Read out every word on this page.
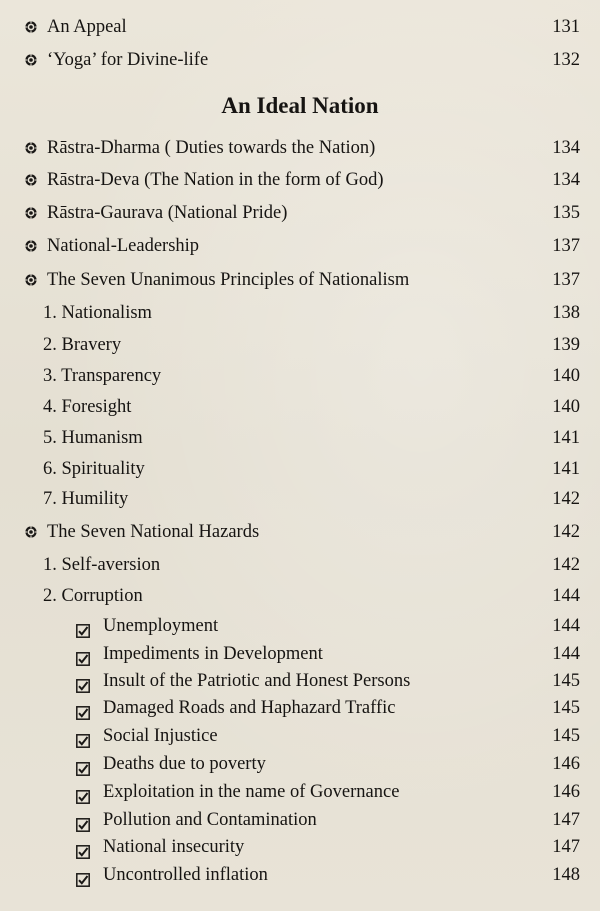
An Appeal	131
‘Yoga’ for Divine-life	132
An Ideal Nation
Rāstra-Dharma ( Duties towards the Nation)	134
Rāstra-Deva (The Nation in the form of God)	134
Rāstra-Gaurava (National Pride)	135
National-Leadership	137
The Seven Unanimous Principles of Nationalism	137
1. Nationalism	138
2. Bravery	139
3. Transparency	140
4. Foresight	140
5. Humanism	141
6. Spirituality	141
7. Humility	142
The Seven National Hazards	142
1. Self-aversion	142
2. Corruption	144
Unemployment	144
Impediments in Development	144
Insult of the Patriotic and Honest Persons	145
Damaged Roads and Haphazard Traffic	145
Social Injustice	145
Deaths due to poverty	146
Exploitation in the name of Governance	146
Pollution and Contamination	147
National insecurity	147
Uncontrolled inflation	148
